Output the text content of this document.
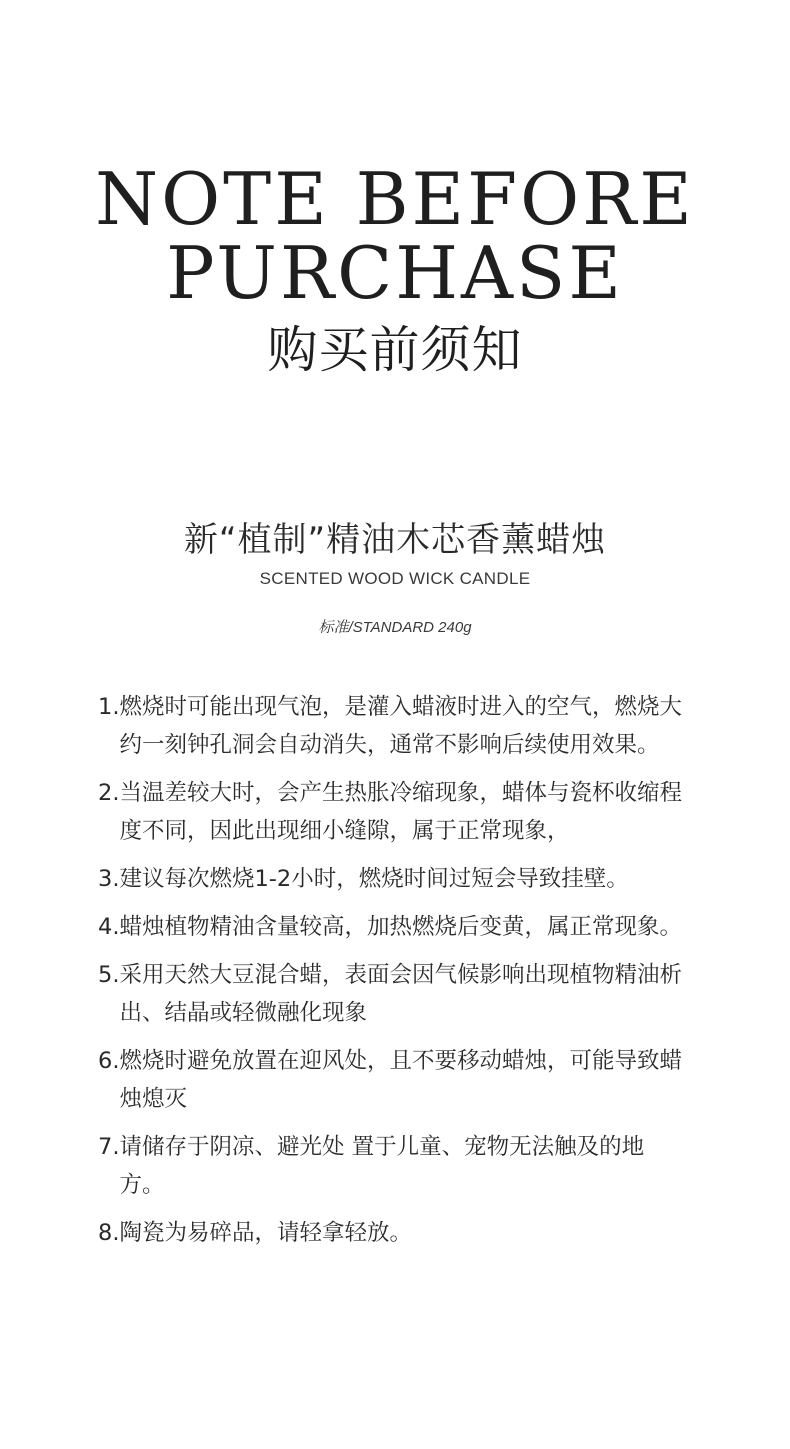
NOTE BEFORE
PURCHASE
购买前须知
新“植制”精油木芯香薰蜡烛
SCENTED WOOD WICK CANDLE
标准/STANDARD 240g
1. 燃烧时可能出现气泡，是灌入蜡液时进入的空气，燃烧大约一刻钟孔洞会自动消失，通常不影响后续使用效果。
2. 当温差较大时，会产生热胀冷缩现象，蜡体与瓷杯收缩程度不同，因此出现细小缝隙，属于正常现象，
3. 建议每次燃烧1-2小时，燃烧时间过短会导致挂壁。
4. 蜡烛植物精油含量较高，加热燃烧后变黄，属正常现象。
5. 采用天然大豆混合蜡，表面会因气候影响出现植物精油析出、结晶或轻微融化现象
6. 燃烧时避免放置在迎风处，且不要移动蜡烛，可能导致蜡烛熄灭
7. 请储存于阴凉、避光处 置于儿童、宠物无法触及的地方。
8. 陶瓷为易碎品，请轻拿轻放。
